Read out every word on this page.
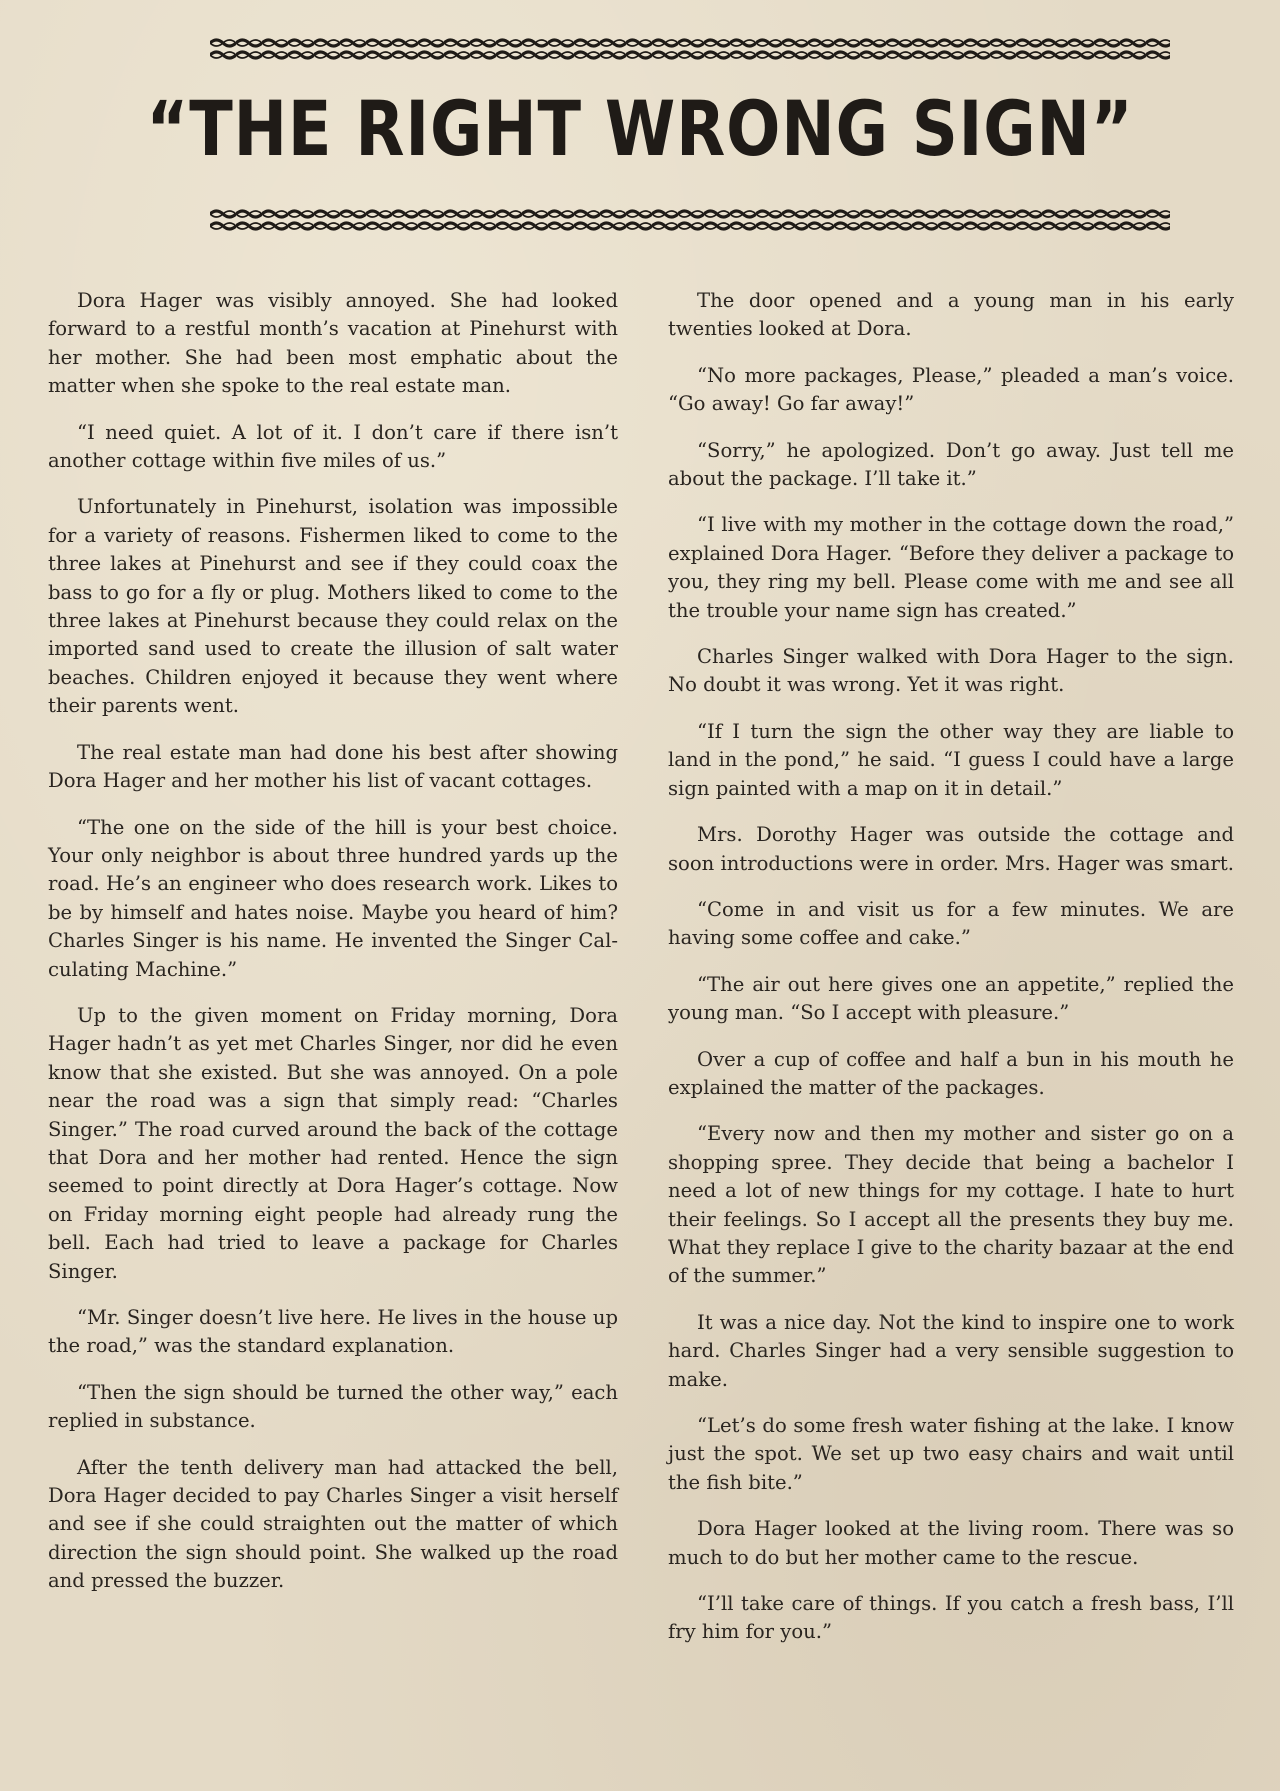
“THE RIGHT WRONG SIGN”

Dora Hager was visibly annoyed. She had looked forward to a restful month’s vacation at Pinehurst with her mother. She had been most emphatic about the matter when she spoke to the real estate man.

“I need quiet. A lot of it. I don’t care if there isn’t another cottage within five miles of us.”

Unfortunately in Pinehurst, isolation was impossible for a variety of reasons. Fishermen liked to come to the three lakes at Pinehurst and see if they could coax the bass to go for a fly or plug. Mothers liked to come to the three lakes at Pinehurst because they could relax on the imported sand used to create the illusion of salt water beaches. Children enjoyed it because they went where their parents went.

The real estate man had done his best after showing Dora Hager and her mother his list of vacant cottages.

“The one on the side of the hill is your best choice. Your only neighbor is about three hundred yards up the road. He’s an engineer who does research work. Likes to be by himself and hates noise. Maybe you heard of him? Charles Singer is his name. He invented the Singer Calculating Machine.”

Up to the given moment on Friday morning, Dora Hager hadn’t as yet met Charles Singer, nor did he even know that she existed. But she was annoyed. On a pole near the road was a sign that simply read: “Charles Singer.” The road curved around the back of the cottage that Dora and her mother had rented. Hence the sign seemed to point directly at Dora Hager’s cottage. Now on Friday morning eight people had already rung the bell. Each had tried to leave a package for Charles Singer.

“Mr. Singer doesn’t live here. He lives in the house up the road,” was the standard explanation.

“Then the sign should be turned the other way,” each replied in substance.

After the tenth delivery man had attacked the bell, Dora Hager decided to pay Charles Singer a visit herself and see if she could straighten out the matter of which direction the sign should point. She walked up the road and pressed the buzzer.

The door opened and a young man in his early twenties looked at Dora.

“No more packages, Please,” pleaded a man’s voice. “Go away! Go far away!”

“Sorry,” he apologized. Don’t go away. Just tell me about the package. I’ll take it.”

“I live with my mother in the cottage down the road,” explained Dora Hager. “Before they deliver a package to you, they ring my bell. Please come with me and see all the trouble your name sign has created.”

Charles Singer walked with Dora Hager to the sign. No doubt it was wrong. Yet it was right.

“If I turn the sign the other way they are liable to land in the pond,” he said. “I guess I could have a large sign painted with a map on it in detail.”

Mrs. Dorothy Hager was outside the cottage and soon introductions were in order. Mrs. Hager was smart.

“Come in and visit us for a few minutes. We are having some coffee and cake.”

“The air out here gives one an appetite,” replied the young man. “So I accept with pleasure.”

Over a cup of coffee and half a bun in his mouth he explained the matter of the packages.

“Every now and then my mother and sister go on a shopping spree. They decide that being a bachelor I need a lot of new things for my cottage. I hate to hurt their feelings. So I accept all the presents they buy me. What they replace I give to the charity bazaar at the end of the summer.”

It was a nice day. Not the kind to inspire one to work hard. Charles Singer had a very sensible suggestion to make.

“Let’s do some fresh water fishing at the lake. I know just the spot. We set up two easy chairs and wait until the fish bite.”

Dora Hager looked at the living room. There was so much to do but her mother came to the rescue.

“I’ll take care of things. If you catch a fresh bass, I’ll fry him for you.”
